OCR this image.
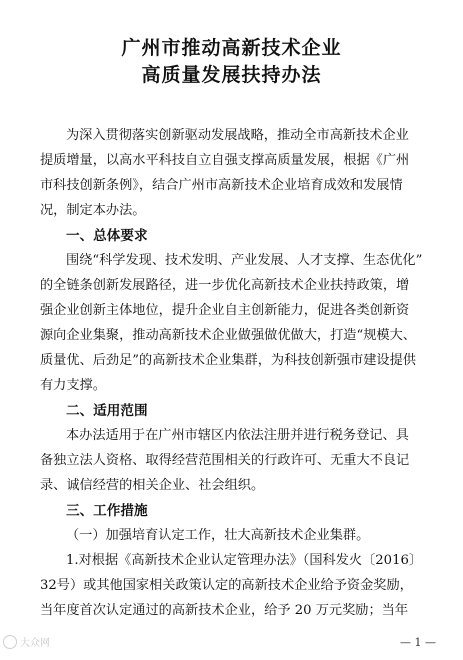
广州市推动高新技术企业
高质量发展扶持办法
为深入贯彻落实创新驱动发展战略，推动全市高新技术企业
提质增量，以高水平科技自立自强支撑高质量发展，根据《广州
市科技创新条例》，结合广州市高新技术企业培育成效和发展情
况，制定本办法。
一、总体要求
围绕“科学发现、技术发明、产业发展、人才支撑、生态优化”
的全链条创新发展路径，进一步优化高新技术企业扶持政策，增
强企业创新主体地位，提升企业自主创新能力，促进各类创新资
源向企业集聚，推动高新技术企业做强做优做大，打造“规模大、
质量优、后劲足”的高新技术企业集群，为科技创新强市建设提供
有力支撑。
二、适用范围
本办法适用于在广州市辖区内依法注册并进行税务登记、具
备独立法人资格、取得经营范围相关的行政许可、无重大不良记
录、诚信经营的相关企业、社会组织。
三、工作措施
（一）加强培育认定工作，壮大高新技术企业集群。
1.对根据《高新技术企业认定管理办法》（国科发火〔2016〕
32号）或其他国家相关政策认定的高新技术企业给予资金奖励，
当年度首次认定通过的高新技术企业，给予 20 万元奖励；当年
— 1 —
大众网
